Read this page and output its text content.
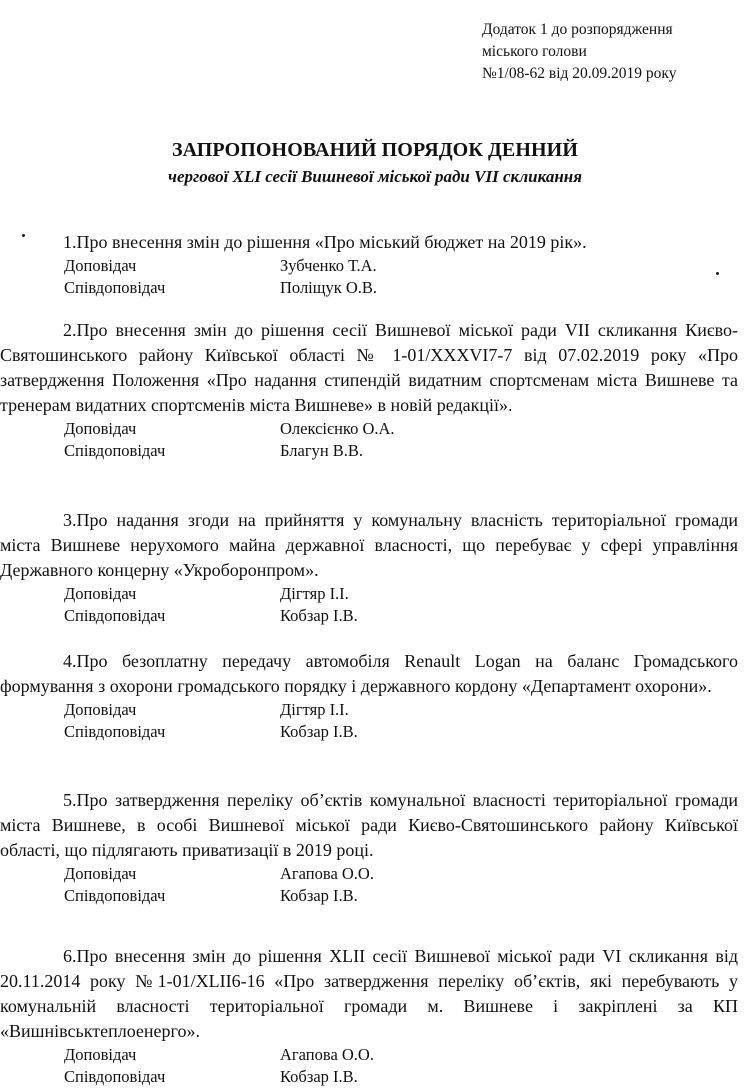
Додаток 1 до розпорядження
міського голови
№1/08-62 від 20.09.2019 року
ЗАПРОПОНОВАНИЙ ПОРЯДОК ДЕННИЙ
чергової XLI сесії Вишневої міської ради VII скликання
1.Про внесення змін до рішення «Про міський бюджет на 2019 рік».
Доповідач	Зубченко Т.А.
Співдоповідач	Поліщук О.В.
2.Про внесення змін до рішення сесії Вишневої міської ради VII скликання Києво-Святошинського району Київської області № 1-01/XXXVI7-7 від 07.02.2019 року «Про затвердження Положення «Про надання стипендій видатним спортсменам міста Вишневе та тренерам видатних спортсменів міста Вишневе» в новій редакції».
Доповідач	Олексієнко О.А.
Співдоповідач	Благун В.В.
3.Про надання згоди на прийняття у комунальну власність територіальної громади міста Вишневе нерухомого майна державної власності, що перебуває у сфері управління Державного концерну «Укроборонпром».
Доповідач	Дігтяр І.І.
Співдоповідач	Кобзар І.В.
4.Про безоплатну передачу автомобіля Renault Logan на баланс Громадського формування з охорони громадського порядку і державного кордону «Департамент охорони».
Доповідач	Дігтяр І.І.
Співдоповідач	Кобзар І.В.
5.Про затвердження переліку об’єктів комунальної власності територіальної громади міста Вишневе, в особі Вишневої міської ради Києво-Святошинського району Київської області, що підлягають приватизації в 2019 році.
Доповідач	Агапова О.О.
Співдоповідач	Кобзар І.В.
6.Про внесення змін до рішення XLII сесії Вишневої міської ради VI скликання від 20.11.2014 року №1-01/XLII6-16 «Про затвердження переліку об’єктів, які перебувають у комунальній власності територіальної громади м. Вишневе і закріплені за КП «Вишнівськтеплоенерго».
Доповідач	Агапова О.О.
Співдоповідач	Кобзар І.В.
